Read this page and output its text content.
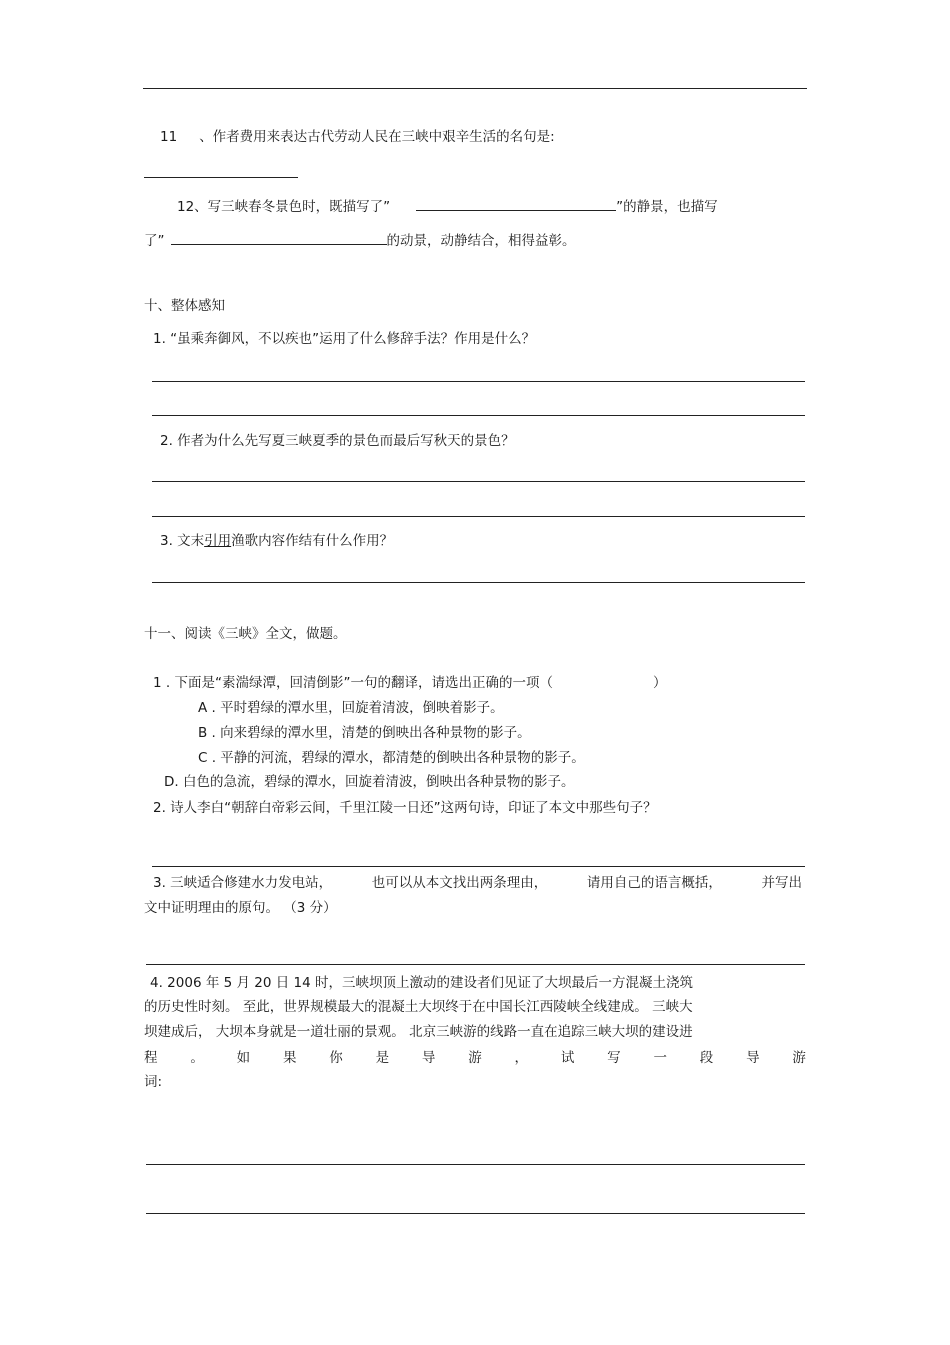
11 、作者费用来表达古代劳动人民在三峡中艰辛生活的名句是:
12、写三峡春冬景色时，既描写了”	”的静景，也描写
了”	的动景，动静结合，相得益彰。
十、整体感知
1. “虽乘奔御风，不以疾也”运用了什么修辞手法？作用是什么？
2. 作者为什么先写夏三峡夏季的景色而最后写秋天的景色？
3. 文末引用渔歌内容作结有什么作用？
十一、阅读《三峡》全文，做题。
1 . 下面是“素湍绿潭，回清倒影”一句的翻译，请选出正确的一项（	）
A . 平时碧绿的潭水里，回旋着清波，倒映着影子。
B . 向来碧绿的潭水里，清楚的倒映出各种景物的影子。
C . 平静的河流，碧绿的潭水，都清楚的倒映出各种景物的影子。
D. 白色的急流，碧绿的潭水，回旋着清波，倒映出各种景物的影子。
2. 诗人李白“朝辞白帝彩云间，千里江陵一日还”这两句诗，印证了本文中那些句子？
3. 三峡适合修建水力发电站，	也可以从本文找出两条理由，	请用自己的语言概括，	并写出
文中证明理由的原句。 （3 分）
4. 2006 年 5 月 20 日 14 时，三峡坝顶上激动的建设者们见证了大坝最后一方混凝土浇筑
的历史性时刻。 至此，世界规模最大的混凝土大坝终于在中国长江西陵峡全线建成。 三峡大
坝建成后， 大坝本身就是一道壮丽的景观。 北京三峡游的线路一直在追踪三峡大坝的建设进
程 。 如 果 你 是 导 游 ， 试 写 一 段 导 游
词:
